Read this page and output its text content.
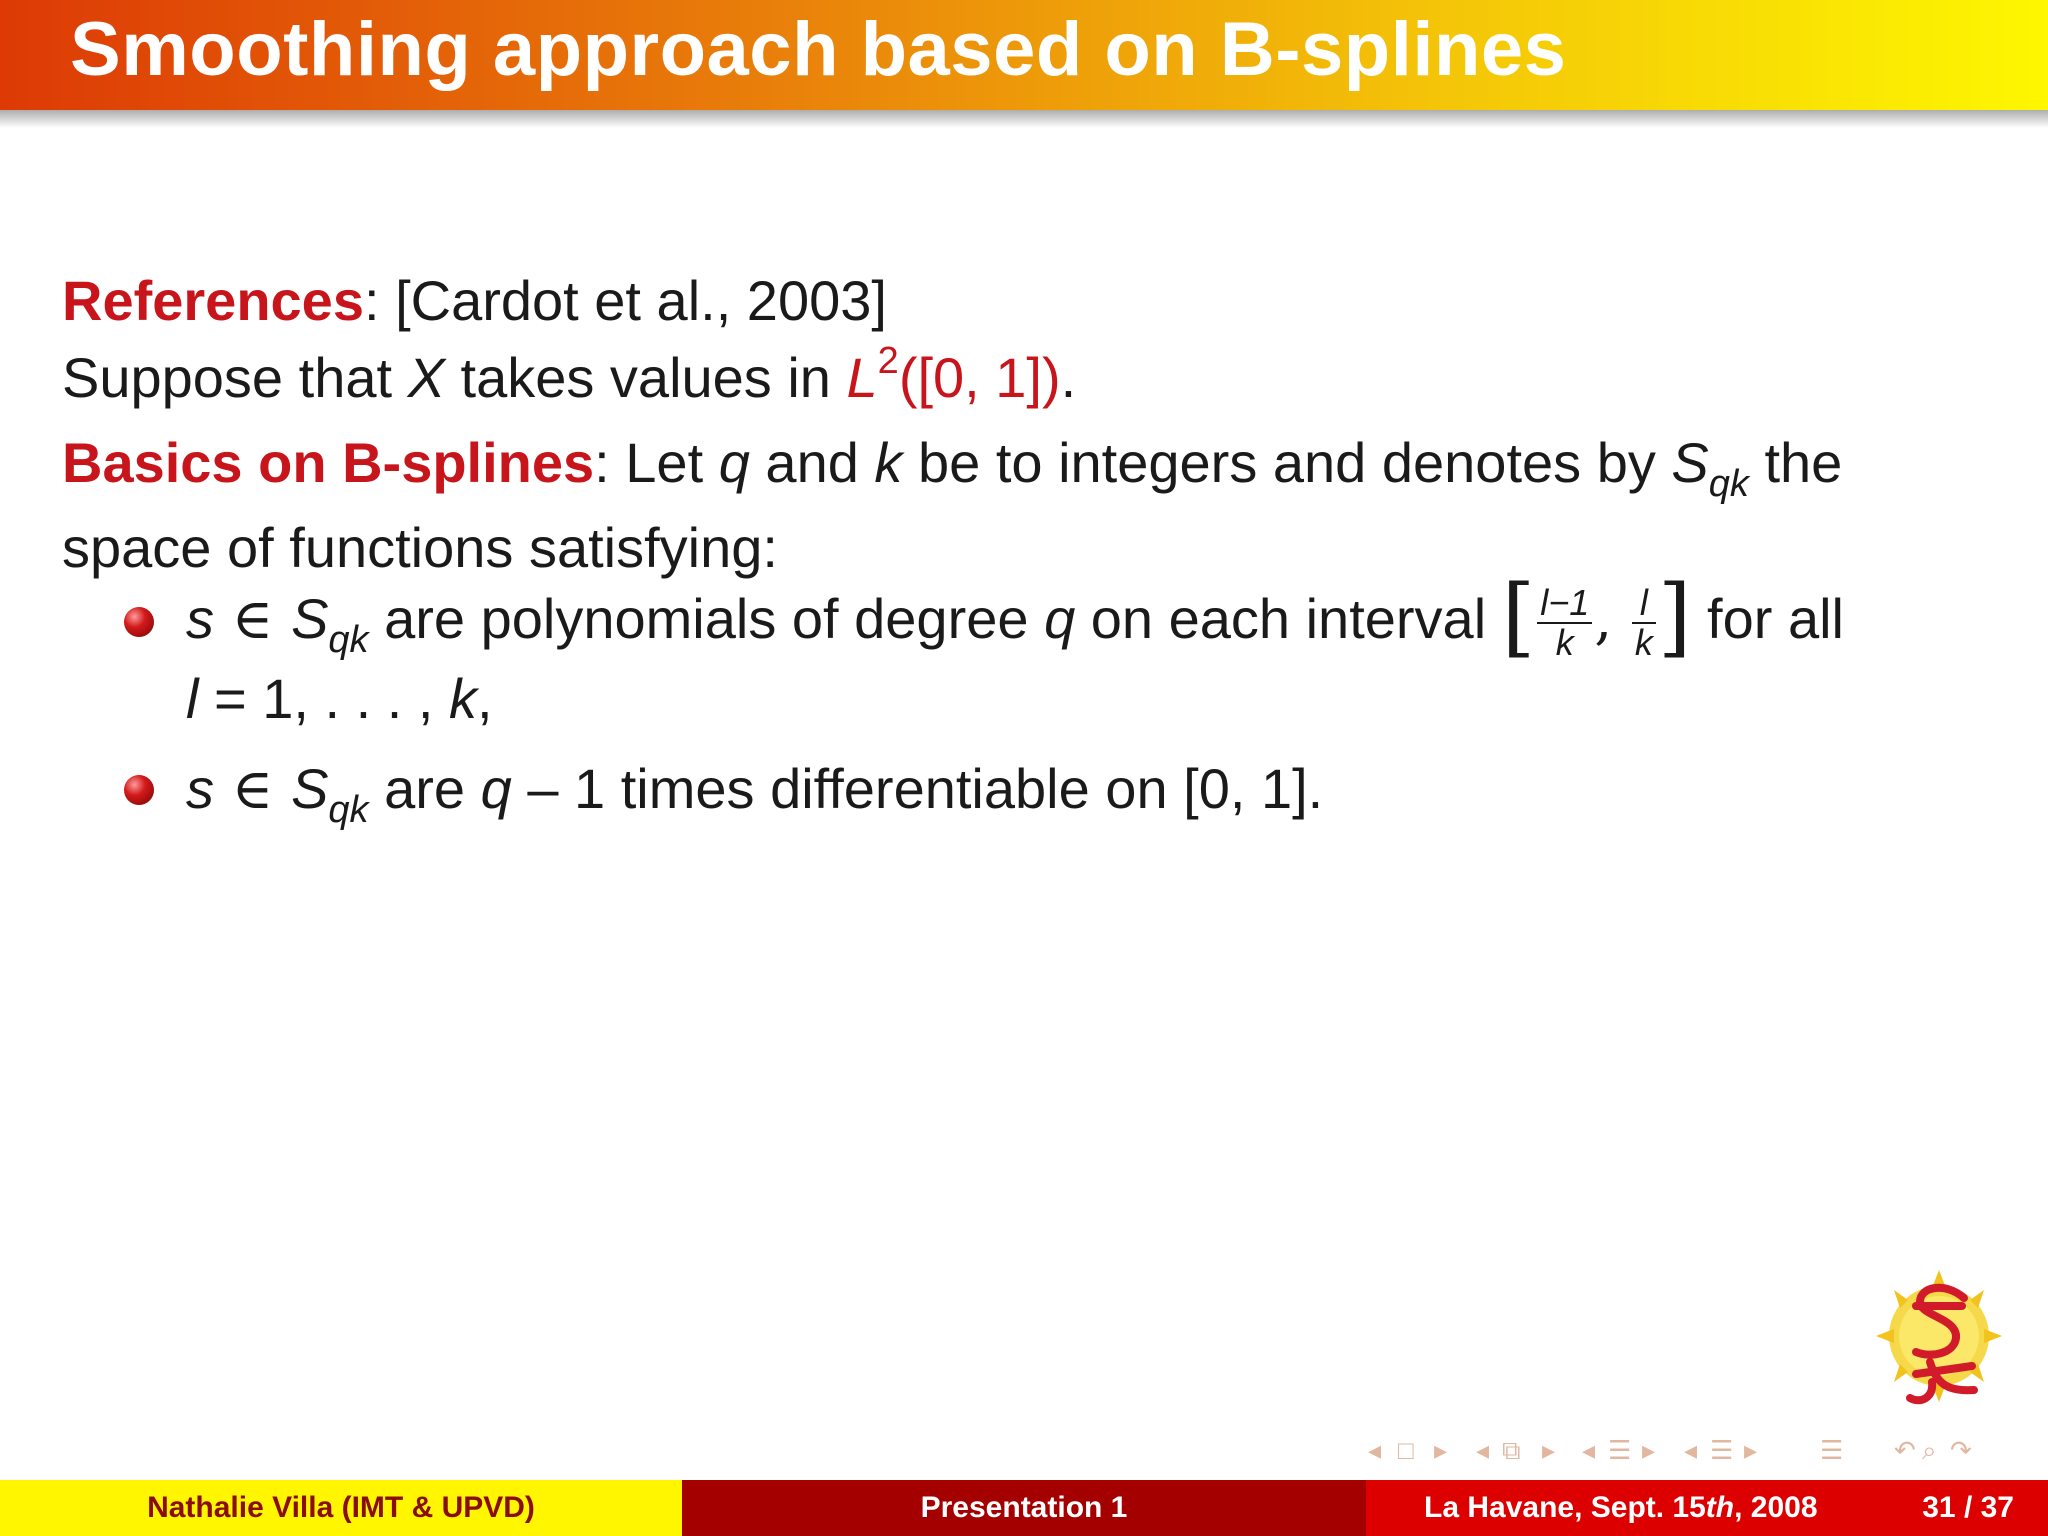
Smoothing approach based on B-splines
References: [Cardot et al., 2003]
Suppose that X takes values in $L^2([0$, 1]).
Basics on B-splines: Let q and k be to integers and denotes by $S_{qk}$ the
space of functions satisfying:
s ∈ $S_{qk}$ are polynomials of degree q on each interval [ $\frac{l-1}{k}$ , $\frac{l}{k}$ ] for all
l = 1, . . . , k,
s ∈ $S_{qk}$ are q – 1 times differentiable on [0, 1].
◂ □ ▸ ◂ ⧉ ▸ ◂ ☰ ▸ ◂ ☰ ▸ ☰ ↶ ⌕ ↷
Nathalie Villa (IMT & UPVD)	Presentation 1	La Havane, Sept. 15th, 2008	31 / 37
